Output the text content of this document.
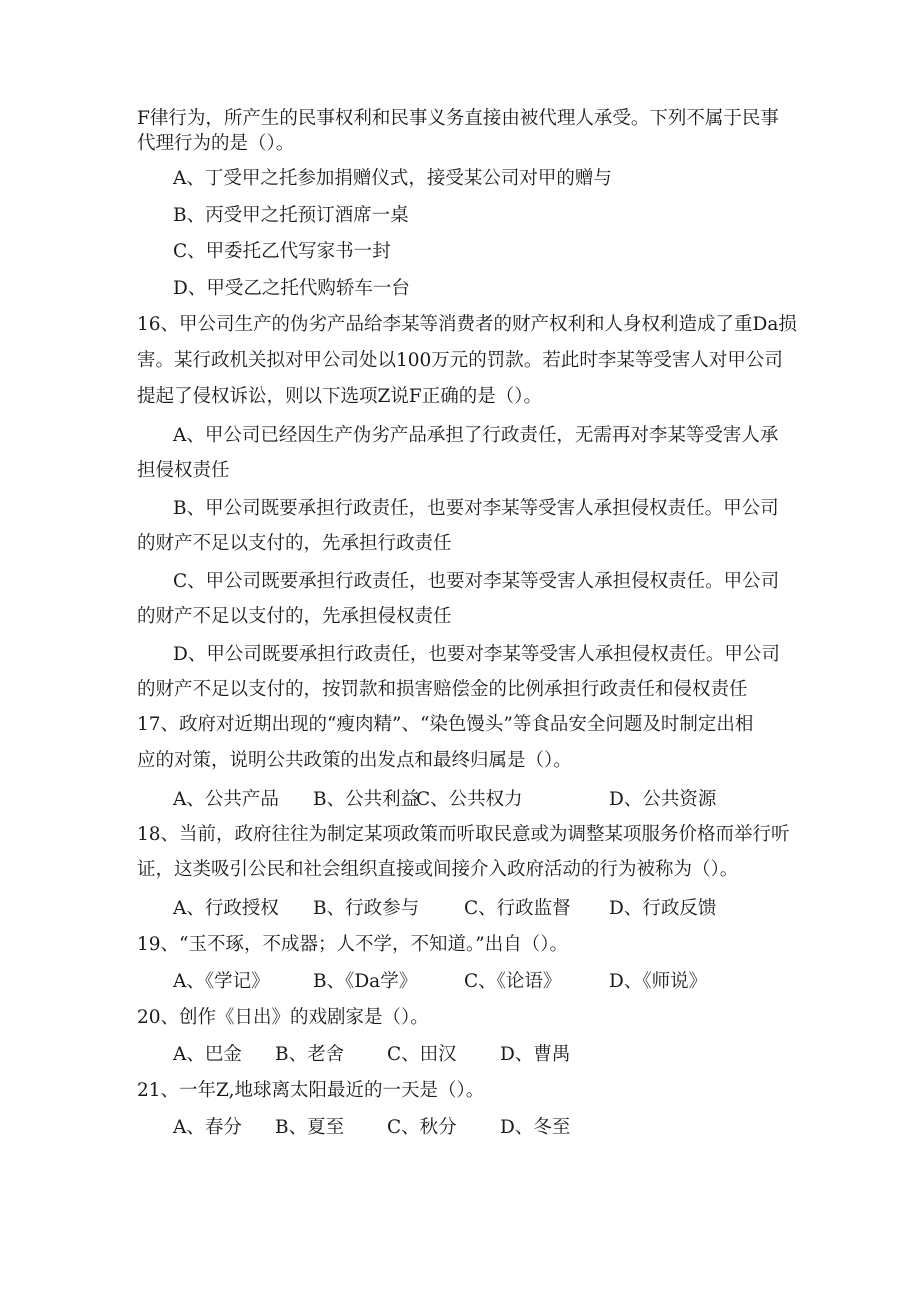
F律行为，所产生的民事权利和民事义务直接由被代理人承受。下列不属于民事
代理行为的是（）。
A、丁受甲之托参加捐赠仪式，接受某公司对甲的赠与
B、丙受甲之托预订酒席一桌
C、甲委托乙代写家书一封
D、甲受乙之托代购轿车一台
16、甲公司生产的伪劣产品给李某等消费者的财产权利和人身权利造成了重Da损
害。某行政机关拟对甲公司处以100万元的罚款。若此时李某等受害人对甲公司
提起了侵权诉讼，则以下选项Z说F正确的是（）。
A、甲公司已经因生产伪劣产品承担了行政责任，无需再对李某等受害人承
担侵权责任
B、甲公司既要承担行政责任，也要对李某等受害人承担侵权责任。甲公司
的财产不足以支付的，先承担行政责任
C、甲公司既要承担行政责任，也要对李某等受害人承担侵权责任。甲公司
的财产不足以支付的，先承担侵权责任
D、甲公司既要承担行政责任，也要对李某等受害人承担侵权责任。甲公司
的财产不足以支付的，按罚款和损害赔偿金的比例承担行政责任和侵权责任
17、政府对近期出现的“瘦肉精”、“染色馒头”等食品安全问题及时制定出相
应的对策，说明公共政策的出发点和最终归属是（）。
A、公共产品 B、公共利益
C、公共权力	D、公共资源
18、当前，政府往往为制定某项政策而听取民意或为调整某项服务价格而举行听
证，这类吸引公民和社会组织直接或间接介入政府活动的行为被称为（）。
A、行政授权 B、行政参与 C、行政监督 D、行政反馈
19、“玉不琢，不成器；人不学，不知道。”出自（）。
A、《学记》 B、《Da学》	C、《论语》	D、《师说》
20、创作《日出》的戏剧家是（）。
A、巴金 B、老舍 C、田汉 D、曹禺
21、一年Z,地球离太阳最近的一天是（）。
A、春分 B、夏至 C、秋分 D、冬至
